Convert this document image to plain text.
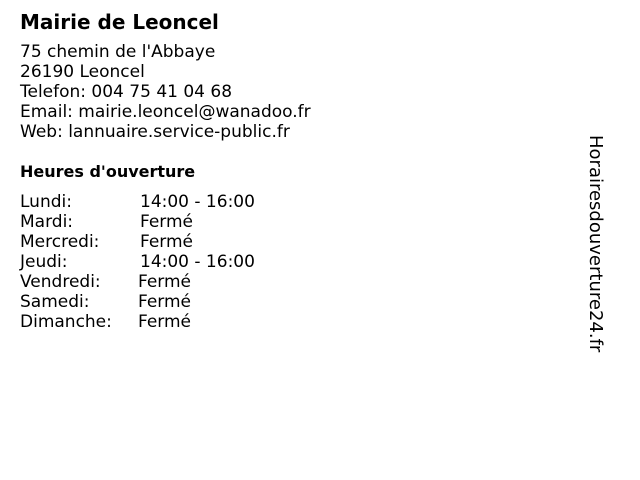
Mairie de Leoncel
75 chemin de l'Abbaye
26190 Leoncel
Telefon: 004 75 41 04 68
Email: mairie.leoncel@wanadoo.fr
Web: lannuaire.service-public.fr
Heures d'ouverture
Lundi:	14:00 - 16:00
Mardi:	Fermé
Mercredi:	Fermé
Jeudi:	14:00 - 16:00
Vendredi:	Fermé
Samedi:	Fermé
Dimanche:	Fermé	Horairesdouverture24.fr
